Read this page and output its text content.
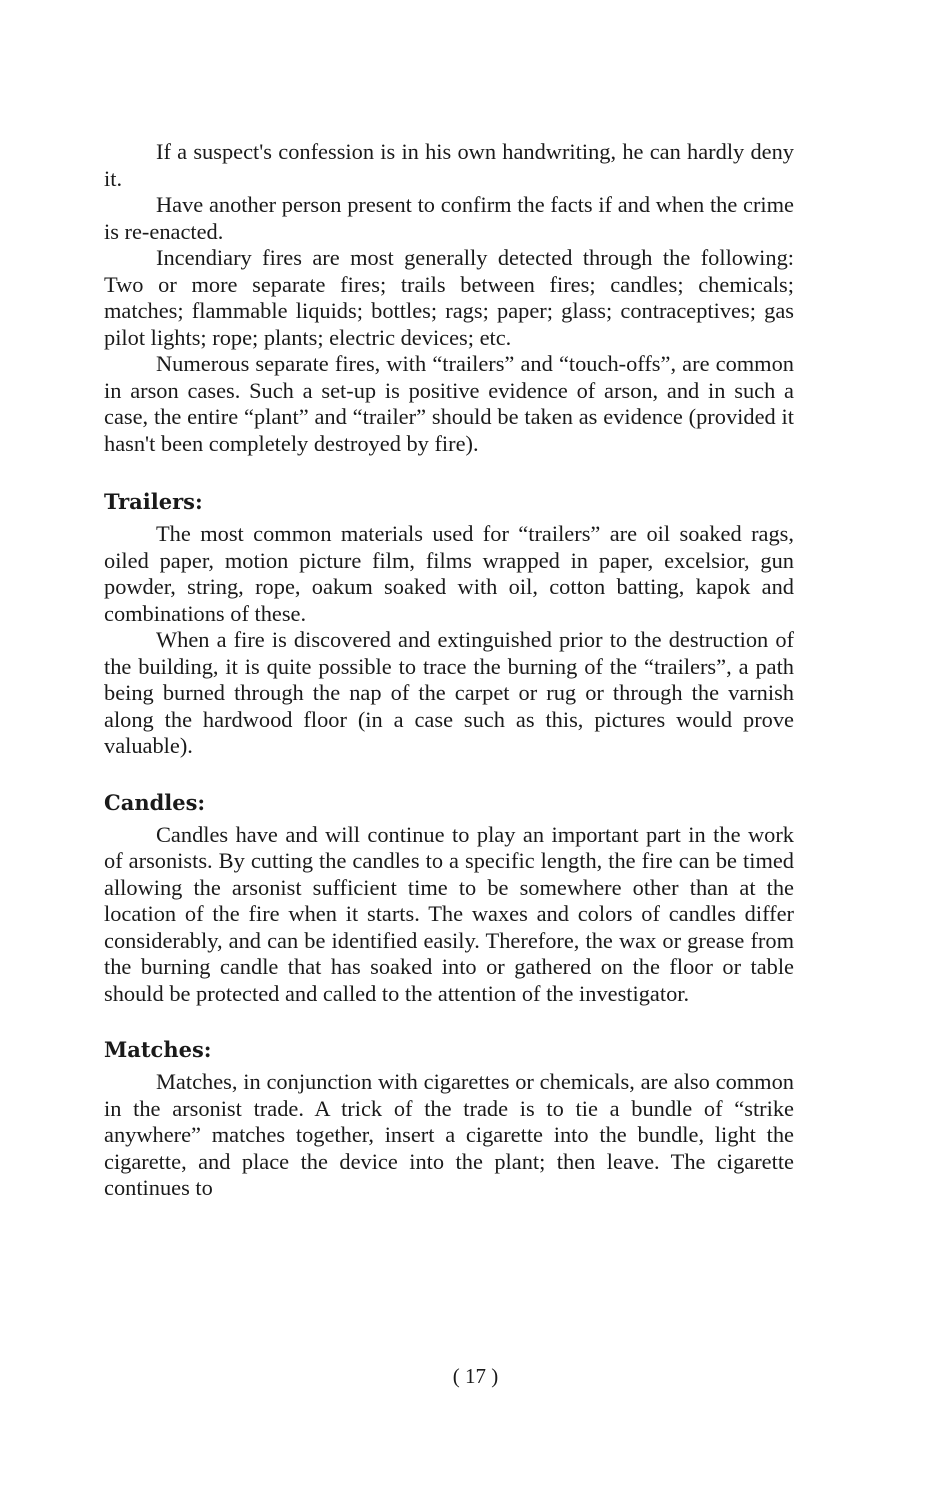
If a suspect's confession is in his own handwriting, he can hardly deny it.

Have another person present to confirm the facts if and when the crime is re-enacted.

Incendiary fires are most generally detected through the following: Two or more separate fires; trails between fires; candles; chemicals; matches; flammable liquids; bottles; rags; paper; glass; contraceptives; gas pilot lights; rope; plants; electric devices; etc.

Numerous separate fires, with “trailers” and “touch-offs”, are common in arson cases. Such a set-up is positive evidence of arson, and in such a case, the entire “plant” and “trailer” should be taken as evidence (provided it hasn't been completely destroyed by fire).

Trailers:

The most common materials used for “trailers” are oil soaked rags, oiled paper, motion picture film, films wrapped in paper, excelsior, gun powder, string, rope, oakum soaked with oil, cotton batting, kapok and combinations of these.

When a fire is discovered and extinguished prior to the destruction of the building, it is quite possible to trace the burning of the “trailers”, a path being burned through the nap of the carpet or rug or through the varnish along the hardwood floor (in a case such as this, pictures would prove valuable).

Candles:

Candles have and will continue to play an important part in the work of arsonists. By cutting the candles to a specific length, the fire can be timed allowing the arsonist sufficient time to be somewhere other than at the location of the fire when it starts. The waxes and colors of candles differ considerably, and can be identified easily. Therefore, the wax or grease from the burning candle that has soaked into or gathered on the floor or table should be protected and called to the attention of the investigator.

Matches:

Matches, in conjunction with cigarettes or chemicals, are also common in the arsonist trade. A trick of the trade is to tie a bundle of “strike anywhere” matches together, insert a cigarette into the bundle, light the cigarette, and place the device into the plant; then leave. The cigarette continues to

( 17 )
